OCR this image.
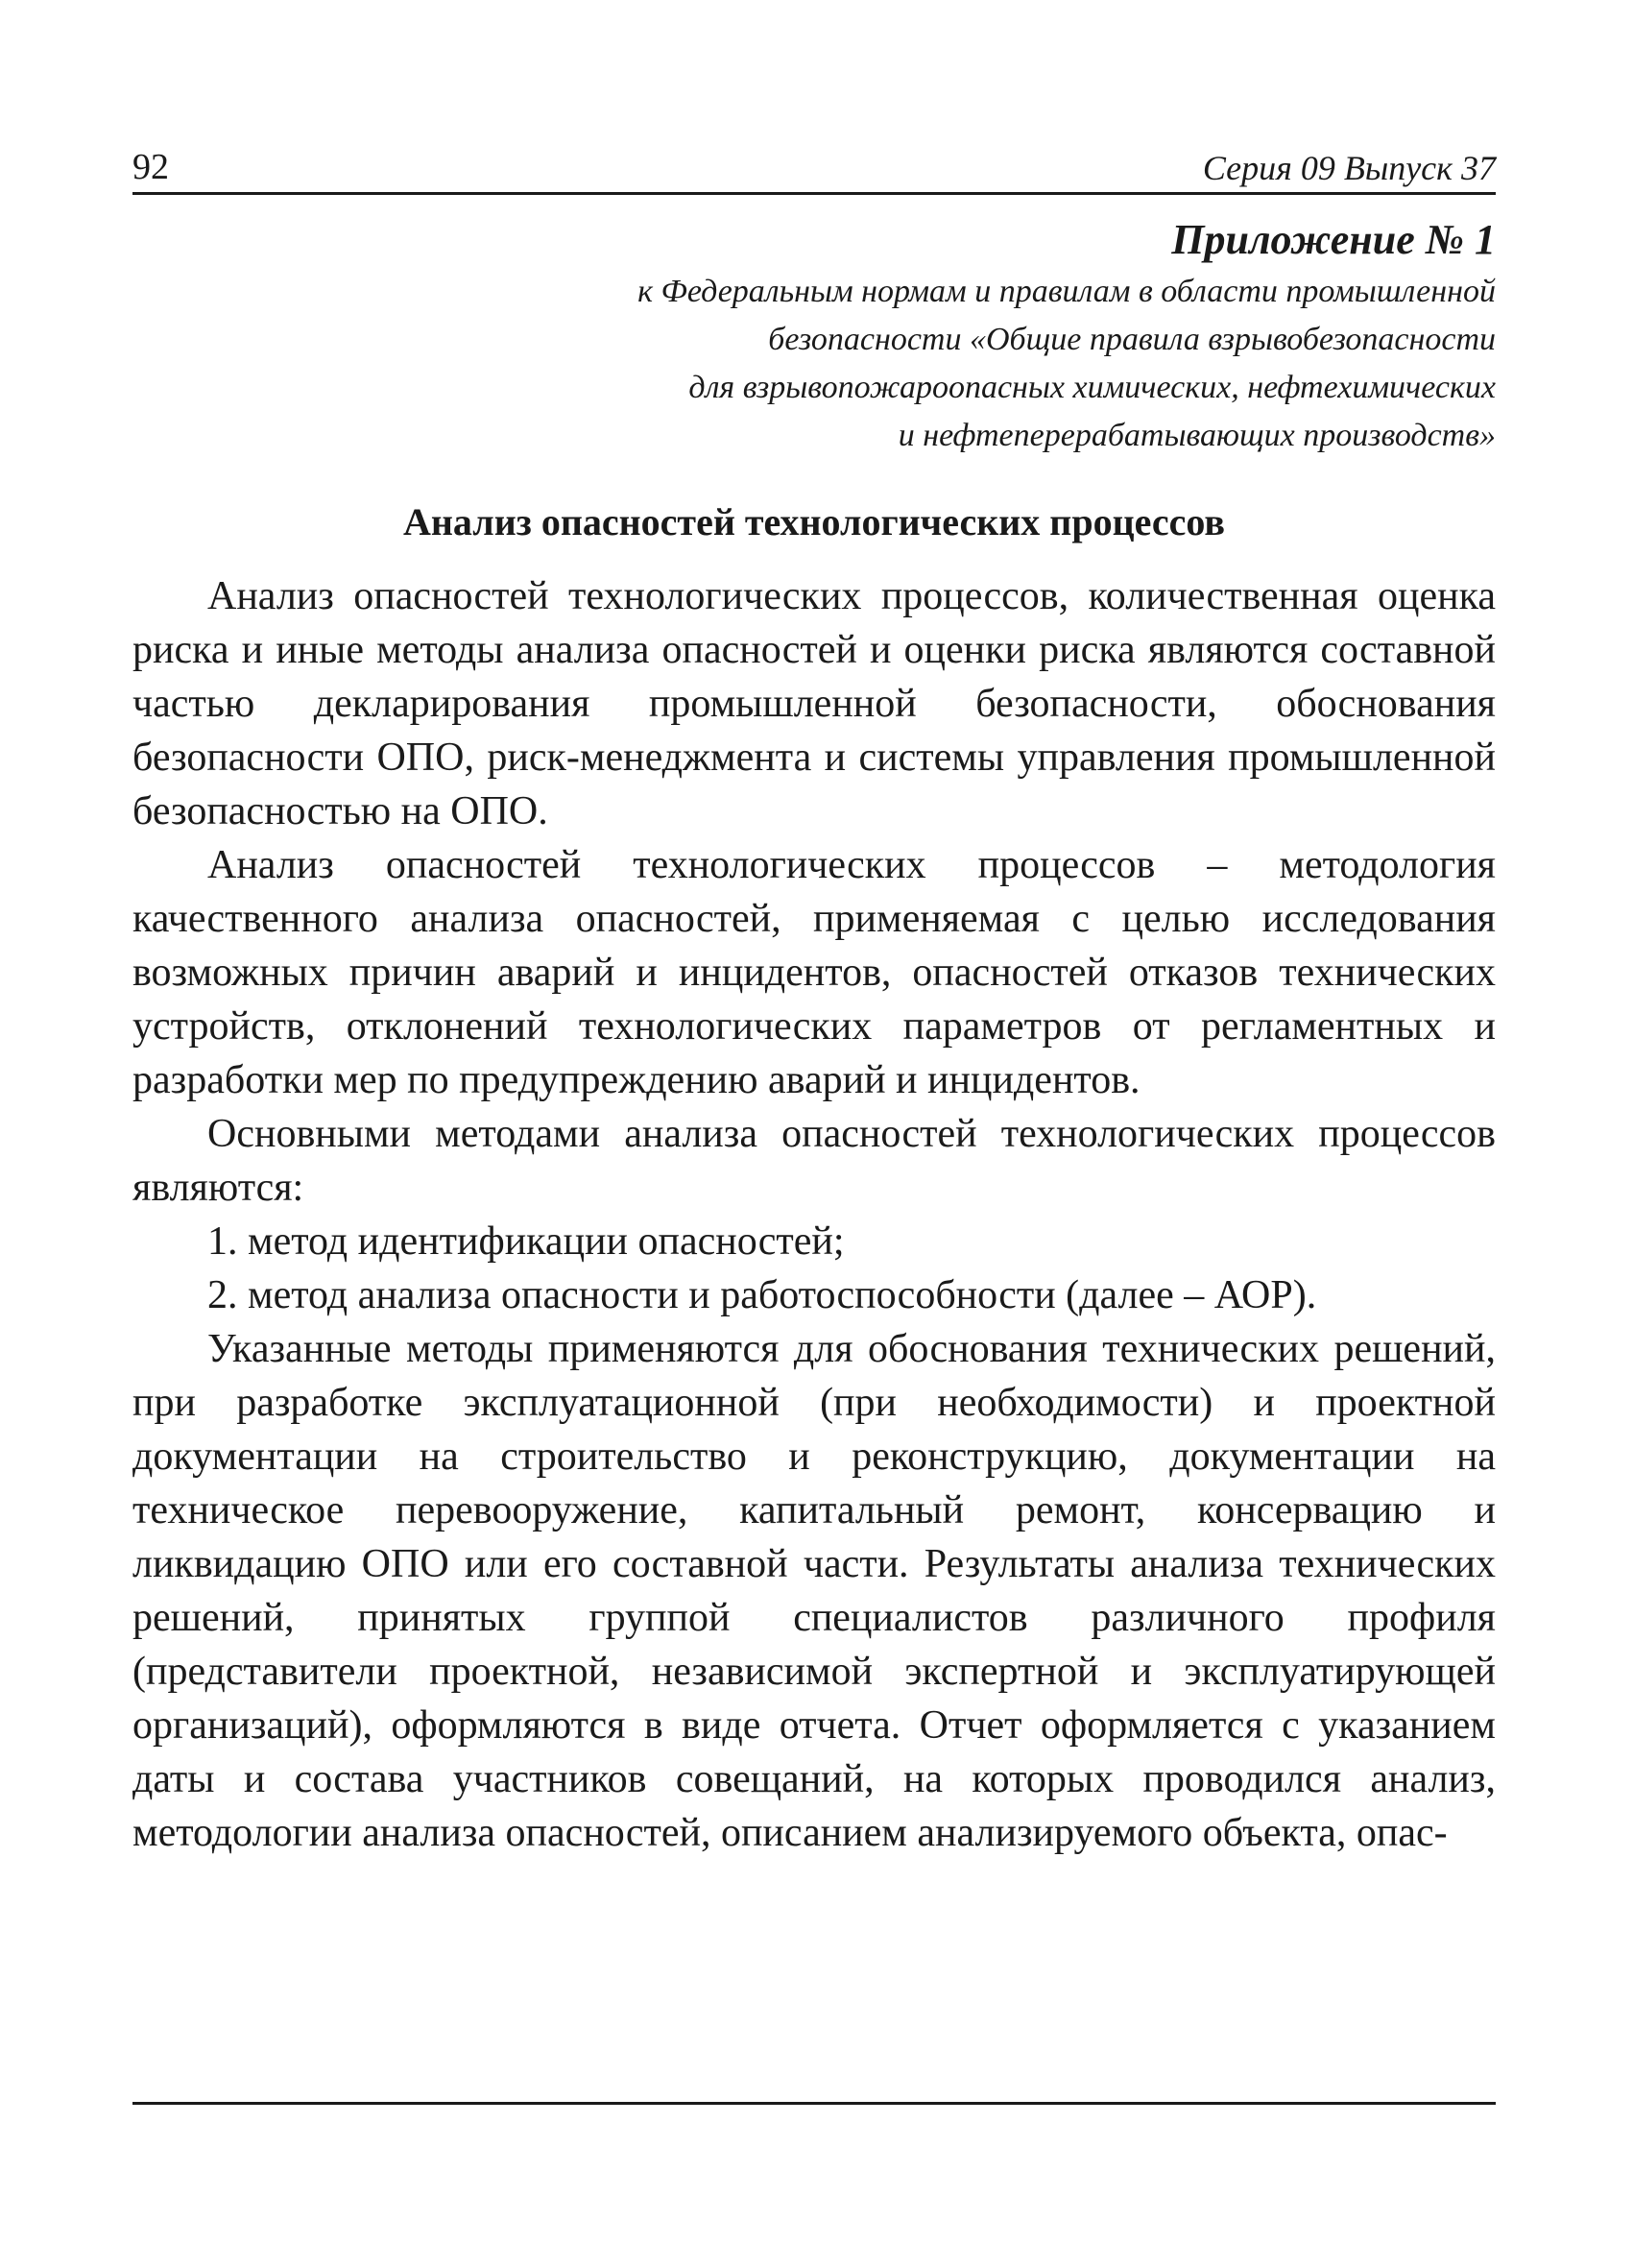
92	Серия 09 Выпуск 37
Приложение № 1
к Федеральным нормам и правилам в области промышленной
безопасности «Общие правила взрывобезопасности
для взрывопожароопасных химических, нефтехимических
и нефтеперерабатывающих производств»
Анализ опасностей технологических процессов

Анализ опасностей технологических процессов, количественная оценка риска и иные методы анализа опасностей и оценки риска являются составной частью декларирования промышленной безопасности, обоснования безопасности ОПО, риск-менеджмента и системы управления промышленной безопасностью на ОПО.

Анализ опасностей технологических процессов – методология качественного анализа опасностей, применяемая с целью исследования возможных причин аварий и инцидентов, опасностей отказов технических устройств, отклонений технологических параметров от регламентных и разработки мер по предупреждению аварий и инцидентов.

Основными методами анализа опасностей технологических процессов являются:

1. метод идентификации опасностей;

2. метод анализа опасности и работоспособности (далее – АОР).

Указанные методы применяются для обоснования технических решений, при разработке эксплуатационной (при необходимости) и проектной документации на строительство и реконструкцию, документации на техническое перевооружение, капитальный ремонт, консервацию и ликвидацию ОПО или его составной части. Результаты анализа технических решений, принятых группой специалистов различного профиля (представители проектной, независимой экспертной и эксплуатирующей организаций), оформляются в виде отчета. Отчет оформляется с указанием даты и состава участников совещаний, на которых проводился анализ, методологии анализа опасностей, описанием анализируемого объекта, опас-
